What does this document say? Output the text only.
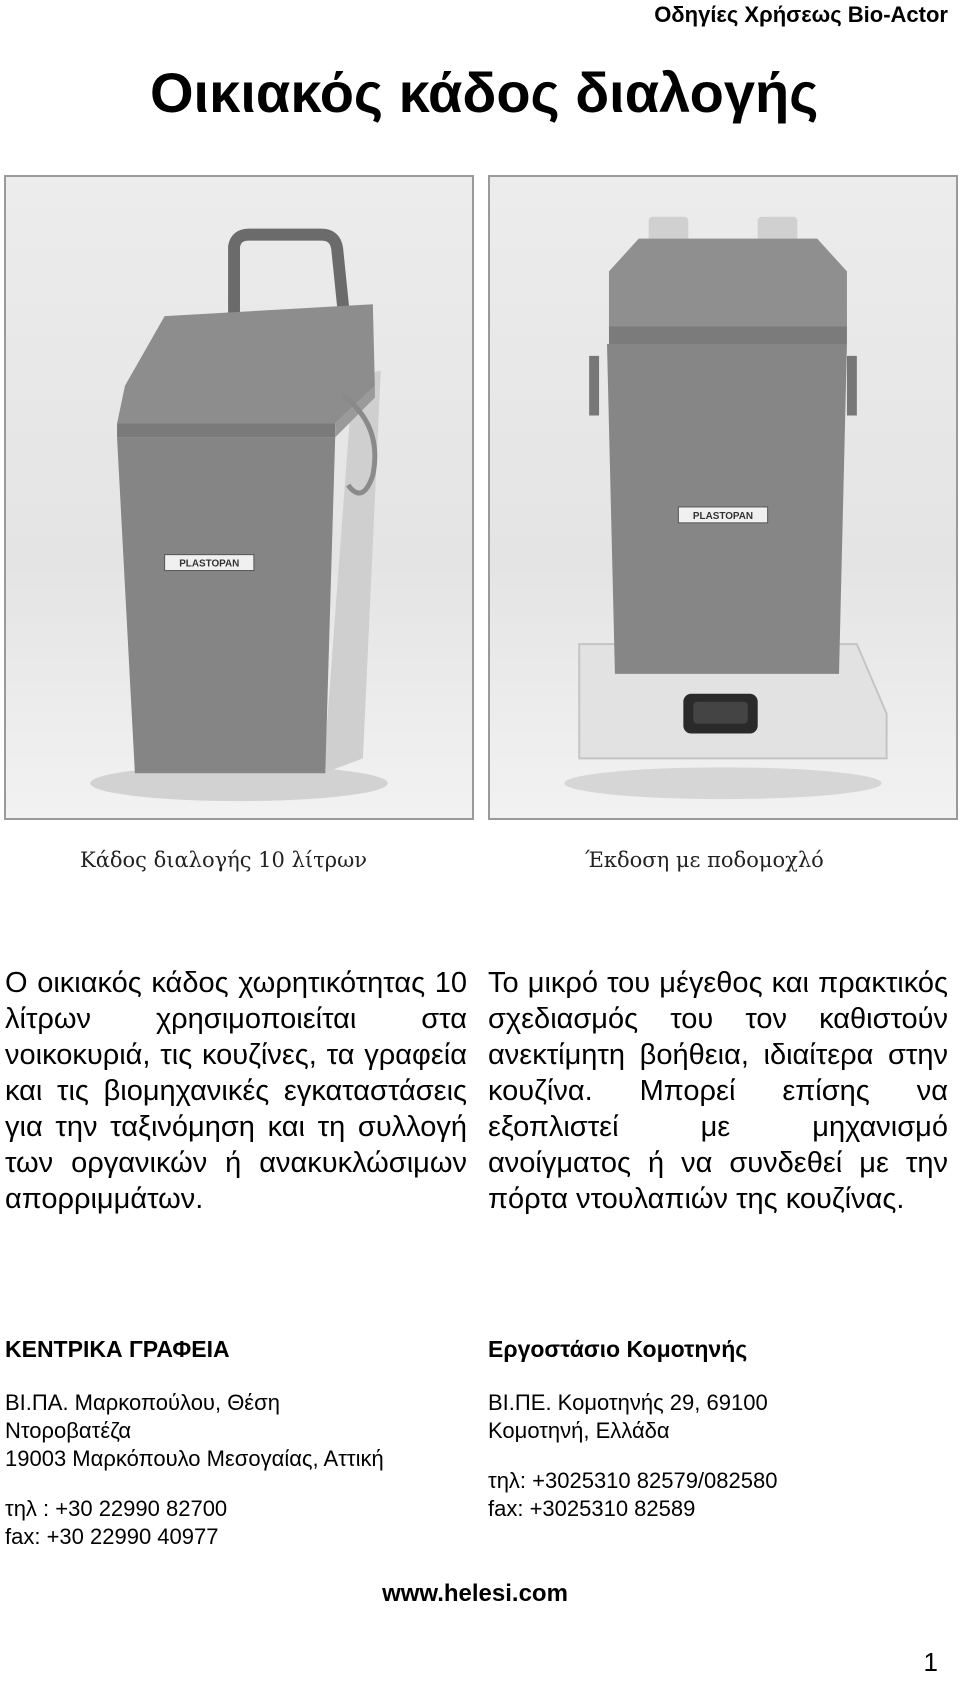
Οδηγίες Χρήσεως Bio-Actor
Οικιακός κάδος διαλογής
PLASTOPAN
PLASTOPAN
Κάδος διαλογής 10 λίτρων	Έκδοση με ποδομοχλό

Ο οικιακός κάδος χωρητικότητας 10 λίτρων χρησιμοποιείται στα νοικοκυριά, τις κουζίνες, τα γραφεία και τις βιομηχανικές εγκαταστάσεις για την ταξινόμηση και τη συλλογή των οργανικών ή ανακυκλώσιμων απορριμμάτων.

Το μικρό του μέγεθος και πρακτικός σχεδιασμός του τον καθιστούν ανεκτίμητη βοήθεια, ιδιαίτερα στην κουζίνα. Μπορεί επίσης να εξοπλιστεί με μηχανισμό ανοίγματος ή να συνδεθεί με την πόρτα ντουλαπιών της κουζίνας.

ΚΕΝΤΡΙΚΑ ΓΡΑΦΕΙΑ
ΒΙ.ΠΑ. Μαρκοπούλου, Θέση
Ντοροβατέζα
19003 Μαρκόπουλο Μεσογαίας, Αττική
τηλ : +30 22990 82700
fax: +30 22990 40977
Εργοστάσιο Κομοτηνής
ΒΙ.ΠΕ. Κομοτηνής 29, 69100
Κομοτηνή, Ελλάδα
τηλ: +3025310 82579/082580
fax: +3025310 82589
www.helesi.com
1
